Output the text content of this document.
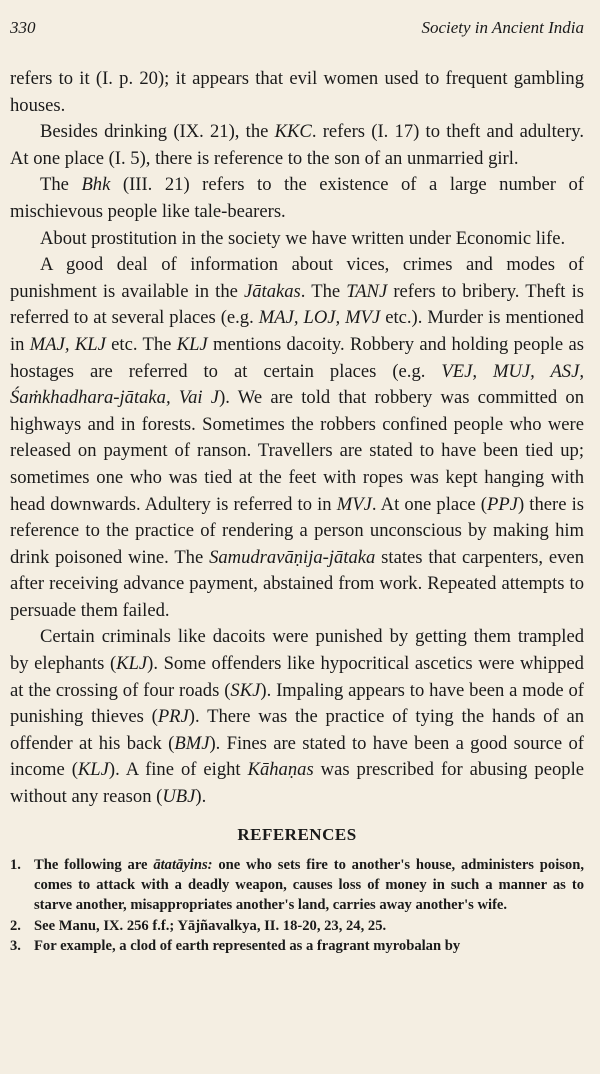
330	Society in Ancient India

refers to it (I. p. 20); it appears that evil women used to frequent gambling houses.

Besides drinking (IX. 21), the KKC. refers (I. 17) to theft and adultery. At one place (I. 5), there is reference to the son of an unmarried girl.

The Bhk (III. 21) refers to the existence of a large number of mischievous people like tale-bearers.

About prostitution in the society we have written under Economic life.

A good deal of information about vices, crimes and modes of punishment is available in the Jātakas. The TANJ refers to bribery. Theft is referred to at several places (e.g. MAJ, LOJ, MVJ etc.). Murder is mentioned in MAJ, KLJ etc. The KLJ mentions dacoity. Robbery and holding people as hostages are referred to at certain places (e.g. VEJ, MUJ, ASJ, Śaṁkhadhara-jātaka, Vai J). We are told that robbery was committed on highways and in forests. Sometimes the robbers confined people who were released on payment of ranson. Travellers are stated to have been tied up; sometimes one who was tied at the feet with ropes was kept hanging with head downwards. Adultery is referred to in MVJ. At one place (PPJ) there is reference to the practice of rendering a person unconscious by making him drink poisoned wine. The Samudravāṇija-jātaka states that carpenters, even after receiving advance payment, abstained from work. Repeated attempts to persuade them failed.

Certain criminals like dacoits were punished by getting them trampled by elephants (KLJ). Some offenders like hypocritical ascetics were whipped at the crossing of four roads (SKJ). Impaling appears to have been a mode of punishing thieves (PRJ). There was the practice of tying the hands of an offender at his back (BMJ). Fines are stated to have been a good source of income (KLJ). A fine of eight Kāhaṇas was prescribed for abusing people without any reason (UBJ).

REFERENCES
1. The following are ātatāyins: one who sets fire to another's house, administers poison, comes to attack with a deadly weapon, causes loss of money in such a manner as to starve another, misappropriates another's land, carries away another's wife.
2. See Manu, IX. 256 f.f.; Yājñavalkya, II. 18-20, 23, 24, 25.
3. For example, a clod of earth represented as a fragrant myrobalan by
